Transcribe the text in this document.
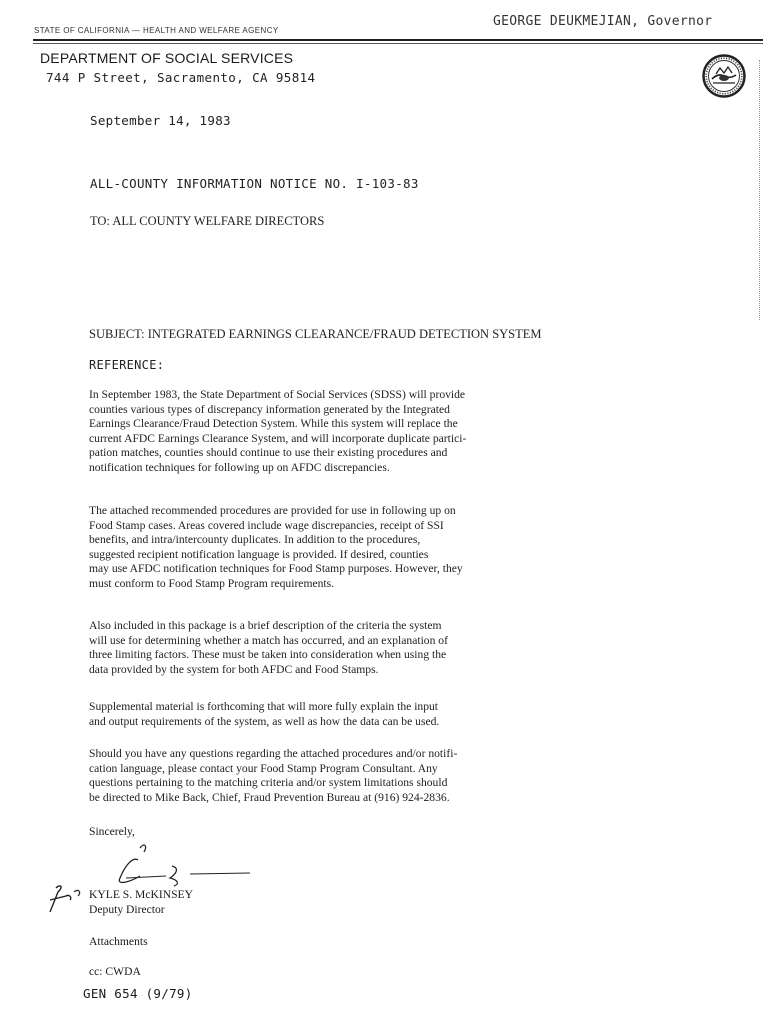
STATE OF CALIFORNIA — HEALTH AND WELFARE AGENCY
GEORGE DEUKMEJIAN, Governor
DEPARTMENT OF SOCIAL SERVICES
744 P Street, Sacramento, CA 95814
September 14, 1983
ALL-COUNTY INFORMATION NOTICE NO. I-103-83
TO: ALL COUNTY WELFARE DIRECTORS
SUBJECT: INTEGRATED EARNINGS CLEARANCE/FRAUD DETECTION SYSTEM
REFERENCE:
In September 1983, the State Department of Social Services (SDSS) will provide
counties various types of discrepancy information generated by the Integrated
Earnings Clearance/Fraud Detection System. While this system will replace the
current AFDC Earnings Clearance System, and will incorporate duplicate partici-
pation matches, counties should continue to use their existing procedures and
notification techniques for following up on AFDC discrepancies.
The attached recommended procedures are provided for use in following up on
Food Stamp cases. Areas covered include wage discrepancies, receipt of SSI
benefits, and intra/intercounty duplicates. In addition to the procedures,
suggested recipient notification language is provided. If desired, counties
may use AFDC notification techniques for Food Stamp purposes. However, they
must conform to Food Stamp Program requirements.
Also included in this package is a brief description of the criteria the system
will use for determining whether a match has occurred, and an explanation of
three limiting factors. These must be taken into consideration when using the
data provided by the system for both AFDC and Food Stamps.
Supplemental material is forthcoming that will more fully explain the input
and output requirements of the system, as well as how the data can be used.
Should you have any questions regarding the attached procedures and/or notifi-
cation language, please contact your Food Stamp Program Consultant. Any
questions pertaining to the matching criteria and/or system limitations should
be directed to Mike Back, Chief, Fraud Prevention Bureau at (916) 924-2836.
Sincerely,
KYLE S. McKINSEY
Deputy Director
Attachments
cc: CWDA
GEN 654 (9/79)
